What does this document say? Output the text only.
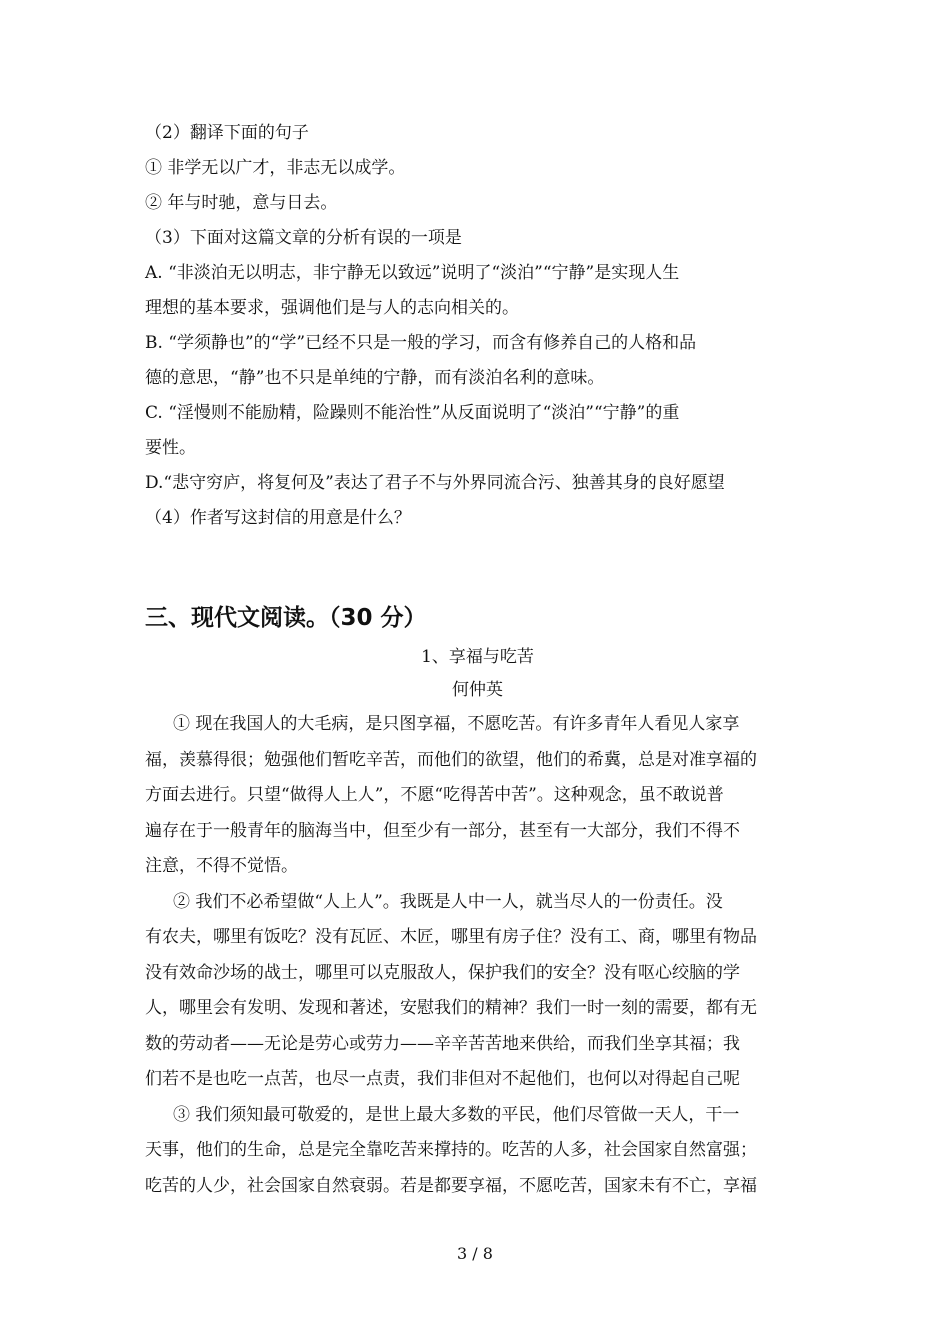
（2）翻译下面的句子
① 非学无以广才，非志无以成学。
② 年与时驰，意与日去。
（3）下面对这篇文章的分析有误的一项是
A. “非淡泊无以明志，非宁静无以致远”说明了“淡泊”“宁静”是实现人生
理想的基本要求，强调他们是与人的志向相关的。
B. “学须静也”的“学”已经不只是一般的学习，而含有修养自己的人格和品
德的意思，“静”也不只是单纯的宁静，而有淡泊名利的意味。
C. “淫慢则不能励精，险躁则不能治性”从反面说明了“淡泊”“宁静”的重
要性。
D.“悲守穷庐，将复何及”表达了君子不与外界同流合污、独善其身的良好愿望
（4）作者写这封信的用意是什么？
三、现代文阅读。（30 分）
1、享福与吃苦
何仲英
① 现在我国人的大毛病，是只图享福，不愿吃苦。有许多青年人看见人家享
福，羡慕得很；勉强他们暂吃辛苦，而他们的欲望，他们的希冀，总是对准享福的
方面去进行。只望“做得人上人”，不愿“吃得苦中苦”。这种观念，虽不敢说普
遍存在于一般青年的脑海当中，但至少有一部分，甚至有一大部分，我们不得不
注意，不得不觉悟。
② 我们不必希望做“人上人”。我既是人中一人，就当尽人的一份责任。没
有农夫，哪里有饭吃？没有瓦匠、木匠，哪里有房子住？没有工、商，哪里有物品
没有效命沙场的战士，哪里可以克服敌人，保护我们的安全？没有呕心绞脑的学
人，哪里会有发明、发现和著述，安慰我们的精神？我们一时一刻的需要，都有无
数的劳动者——无论是劳心或劳力——辛辛苦苦地来供给，而我们坐享其福；我
们若不是也吃一点苦，也尽一点责，我们非但对不起他们，也何以对得起自己呢
③ 我们须知最可敬爱的，是世上最大多数的平民，他们尽管做一天人，干一
天事，他们的生命，总是完全靠吃苦来撑持的。吃苦的人多，社会国家自然富强；
吃苦的人少，社会国家自然衰弱。若是都要享福，不愿吃苦，国家未有不亡，享福
3 / 8
